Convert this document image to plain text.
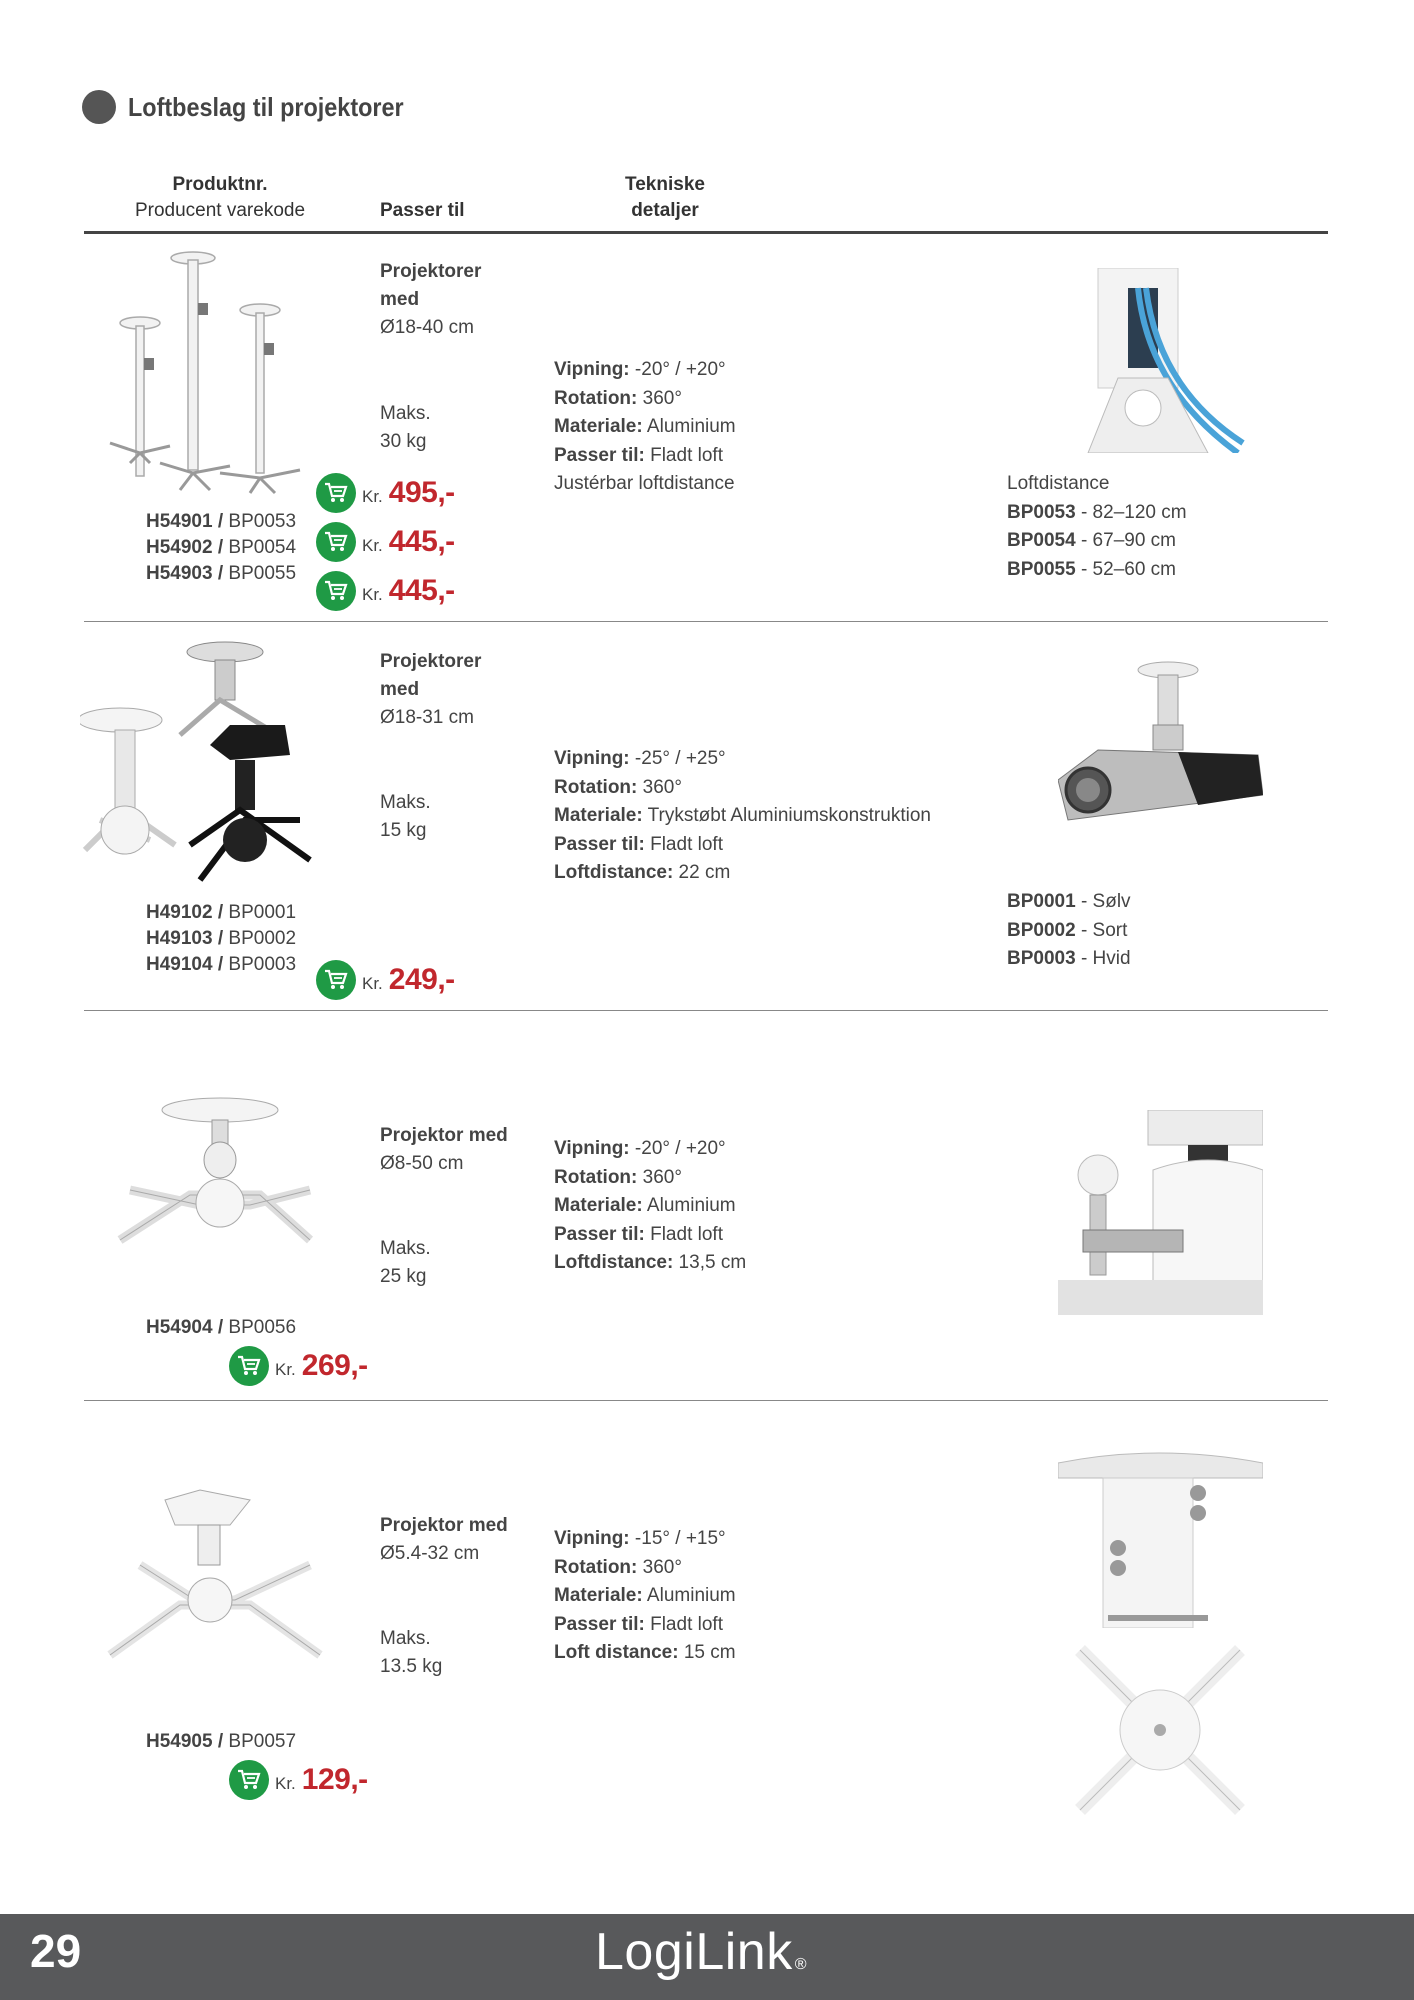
Loftbeslag til projektorer
Produktnr.
Producent varekode	Passer til
Tekniske
detaljer
Projektorer
med
Ø18-40 cm
Maks.
30 kg
Vipning: -20° / +20°
Rotation: 360°
Materiale: Aluminium
Passer til: Fladt loft
Justérbar loftdistance
H54901 / BP0053
H54902 / BP0054
H54903 / BP0055
Kr. 495,-
Kr. 445,-
Kr. 445,-
Loftdistance
BP0053 - 82–120 cm
BP0054 - 67–90 cm
BP0055 - 52–60 cm
Projektorer
med
Ø18-31 cm
Maks.
15 kg
Vipning: -25° / +25°
Rotation: 360°
Materiale: Trykstøbt Aluminiumskonstruktion
Passer til: Fladt loft
Loftdistance: 22 cm
H49102 / BP0001
H49103 / BP0002
H49104 / BP0003
Kr. 249,-
BP0001 - Sølv
BP0002 - Sort
BP0003 - Hvid
Projektor med
Ø8-50 cm
Maks.
25 kg
Vipning: -20° / +20°
Rotation: 360°
Materiale: Aluminium
Passer til: Fladt loft
Loftdistance: 13,5 cm
H54904 / BP0056
Kr. 269,-
Projektor med
Ø5.4-32 cm
Maks.
13.5 kg
Vipning: -15° / +15°
Rotation: 360°
Materiale: Aluminium
Passer til: Fladt loft
Loft distance: 15 cm
H54905 / BP0057
Kr. 129,-
29	LogiLink ®
